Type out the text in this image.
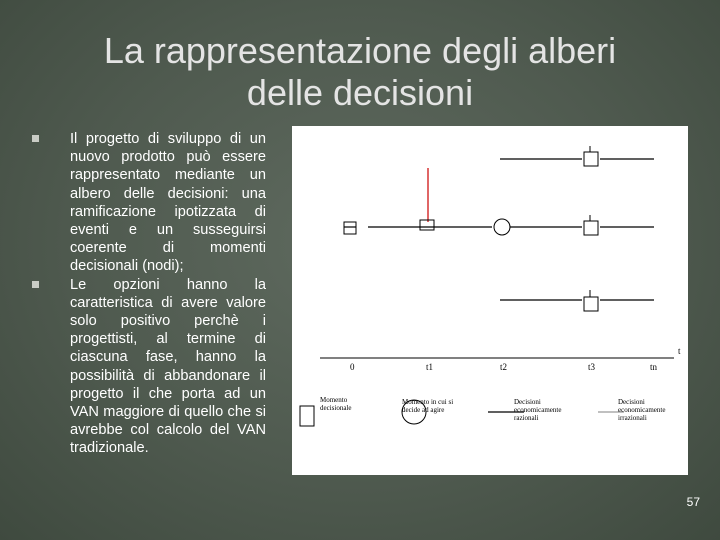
La rappresentazione degli alberi
delle decisioni
Il progetto di sviluppo di un nuovo prodotto può essere rappresentato mediante un albero delle decisioni: una ramificazione ipotizzata di eventi e un susseguirsi coerente di momenti decisionali (nodi);
Le opzioni hanno la caratteristica di avere valore solo positivo perchè i progettisti, al termine di ciascuna fase, hanno la possibilità di abbandonare il progetto il che porta ad un VAN maggiore di quello che si avrebbe col calcolo del VAN tradizionale.
t
0	t1	t2	t3	tn
Momento decisionale
Momento in cui si decide ad agire
Decisioni economicamente razionali
Decisioni economicamente irrazionali
57
